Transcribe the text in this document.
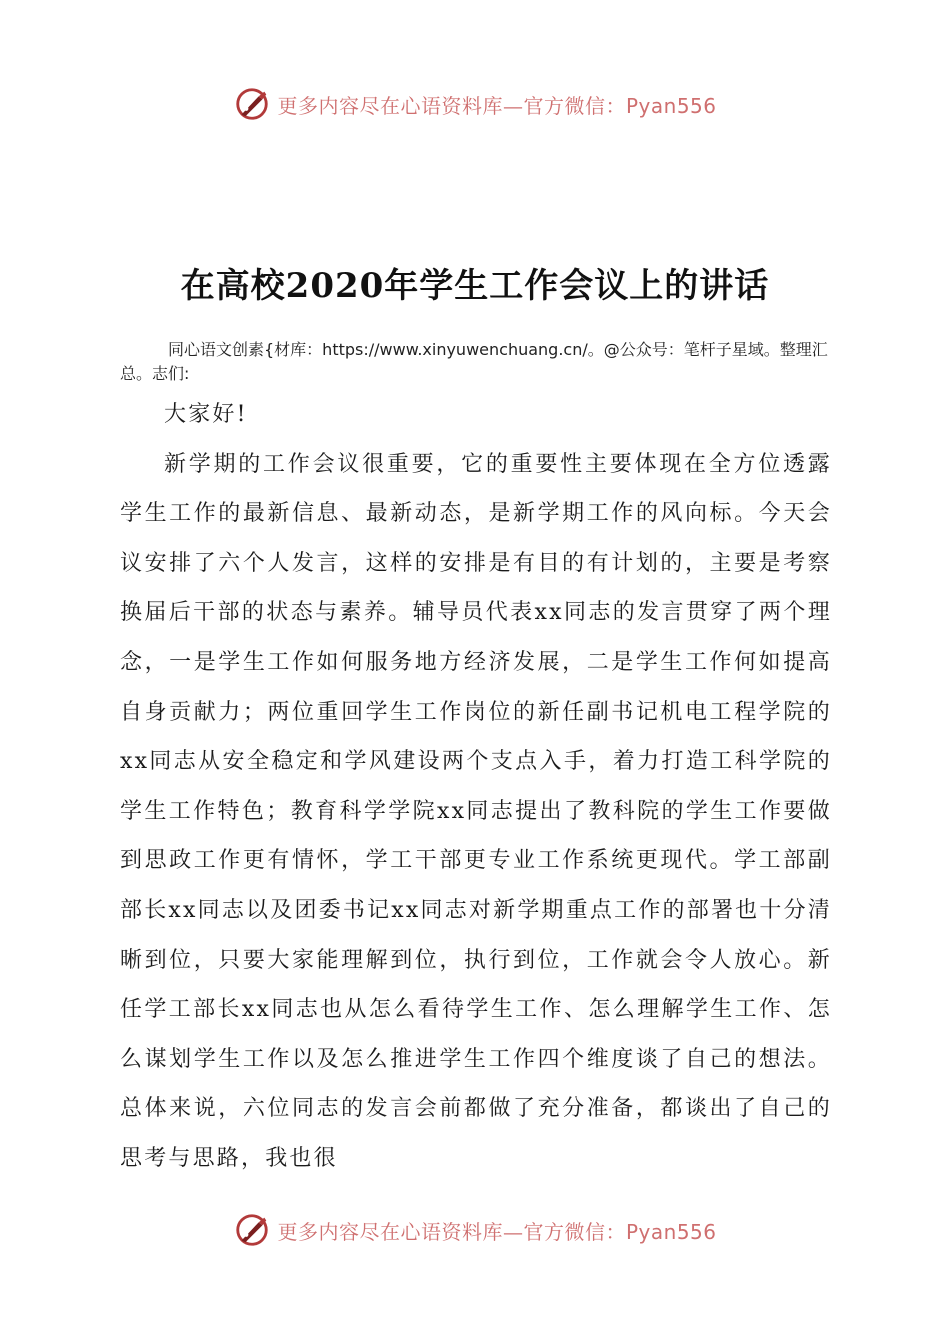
更多内容尽在心语资料库—官方微信：Pyan556
在高校2020年学生工作会议上的讲话
同心语文创素{材库：https://www.xinyuwenchuang.cn/。@公众号：笔杆子星域。整理汇总。志们:

大家好!

新学期的工作会议很重要，它的重要性主要体现在全方位透露学生工作的最新信息、最新动态，是新学期工作的风向标。今天会议安排了六个人发言，这样的安排是有目的有计划的，主要是考察换届后干部的状态与素养。辅导员代表xx同志的发言贯穿了两个理念，一是学生工作如何服务地方经济发展，二是学生工作何如提高自身贡献力；两位重回学生工作岗位的新任副书记机电工程学院的xx同志从安全稳定和学风建设两个支点入手，着力打造工科学院的学生工作特色；教育科学学院xx同志提出了教科院的学生工作要做到思政工作更有情怀，学工干部更专业工作系统更现代。学工部副部长xx同志以及团委书记xx同志对新学期重点工作的部署也十分清晰到位，只要大家能理解到位，执行到位，工作就会令人放心。新任学工部长xx同志也从怎么看待学生工作、怎么理解学生工作、怎么谋划学生工作以及怎么推进学生工作四个维度谈了自己的想法。总体来说，六位同志的发言会前都做了充分准备，都谈出了自己的思考与思路，我也很

更多内容尽在心语资料库—官方微信：Pyan556
